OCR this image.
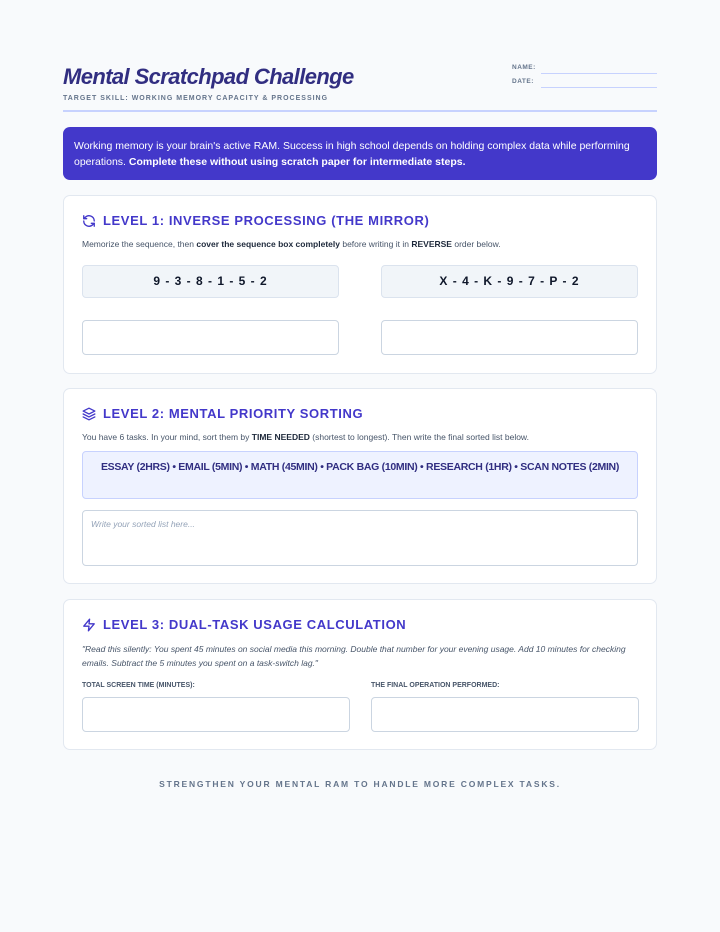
Mental Scratchpad Challenge
TARGET SKILL: WORKING MEMORY CAPACITY & PROCESSING
NAME:
DATE:
Working memory is your brain's active RAM. Success in high school depends on holding complex data while performing operations. Complete these without using scratch paper for intermediate steps.
LEVEL 1: INVERSE PROCESSING (THE MIRROR)
Memorize the sequence, then cover the sequence box completely before writing it in REVERSE order below.
9 - 3 - 8 - 1 - 5 - 2	X - 4 - K - 9 - 7 - P - 2
LEVEL 2: MENTAL PRIORITY SORTING
You have 6 tasks. In your mind, sort them by TIME NEEDED (shortest to longest). Then write the final sorted list below.
ESSAY (2HRS) • EMAIL (5MIN) • MATH (45MIN) • PACK BAG (10MIN) • RESEARCH (1HR) • SCAN NOTES (2MIN)
Write your sorted list here...
LEVEL 3: DUAL-TASK USAGE CALCULATION
"Read this silently: You spent 45 minutes on social media this morning. Double that number for your evening usage. Add 10 minutes for checking emails. Subtract the 5 minutes you spent on a task-switch lag."
TOTAL SCREEN TIME (MINUTES):	THE FINAL OPERATION PERFORMED:
STRENGTHEN YOUR MENTAL RAM TO HANDLE MORE COMPLEX TASKS.
